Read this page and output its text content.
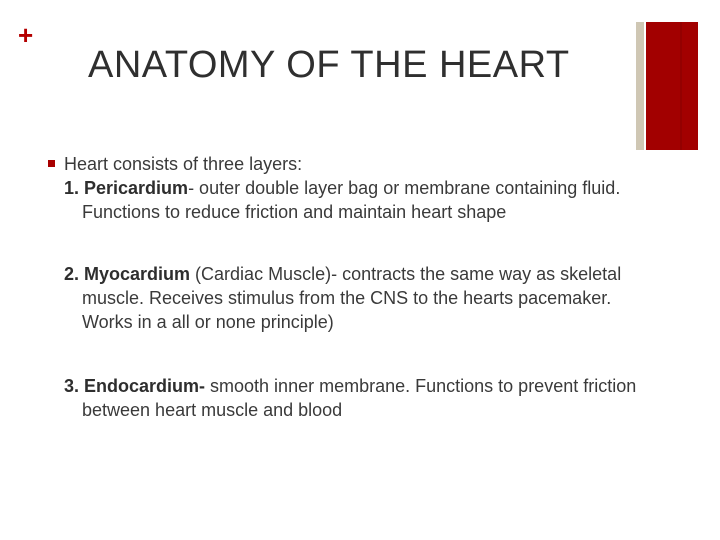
+
ANATOMY OF THE HEART
Heart consists of three layers:
1. Pericardium- outer double layer bag or membrane containing fluid. Functions to reduce friction and maintain heart shape
2. Myocardium (Cardiac Muscle)- contracts the same way as skeletal muscle. Receives stimulus from the CNS to the hearts pacemaker. Works in a all or none principle)
3. Endocardium- smooth inner membrane. Functions to prevent friction between heart muscle and blood
